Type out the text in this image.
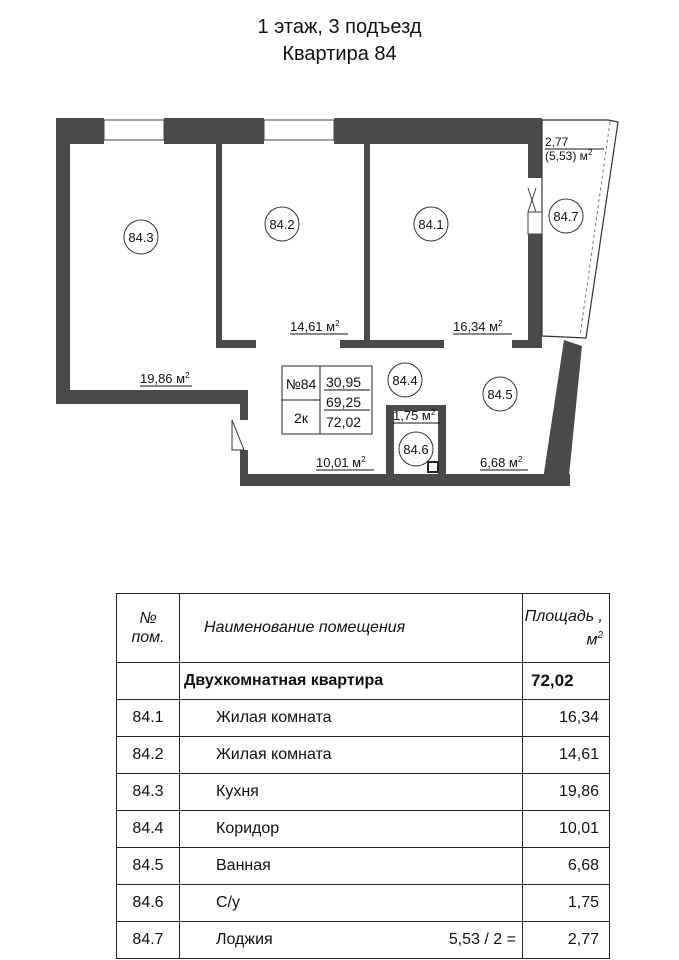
1 этаж, 3 подъезд
Квартира 84
84.3
84.2	84.1
84.7
84.4
84.5
84.6
19,86 $м^2$
14,61 $м^2$	16,34 $м^2$
2,77
(5,53) $м^2$
10,01 $м^2$	6,68 $м^2$
1,75 $м^2$
№84
2к
30,95
69,25
72,02
№
пом.	Наименование помещения	Площадь ,
$м^2$
	Двухкомнатная квартира	72,02
84.1	Жилая комната	16,34
84.2	Жилая комната	14,61
84.3	Кухня	19,86
84.4	Коридор	10,01
84.5	Ванная	6,68
84.6	С/у	1,75
84.7	Лоджия 5,53 / 2 =	2,77
